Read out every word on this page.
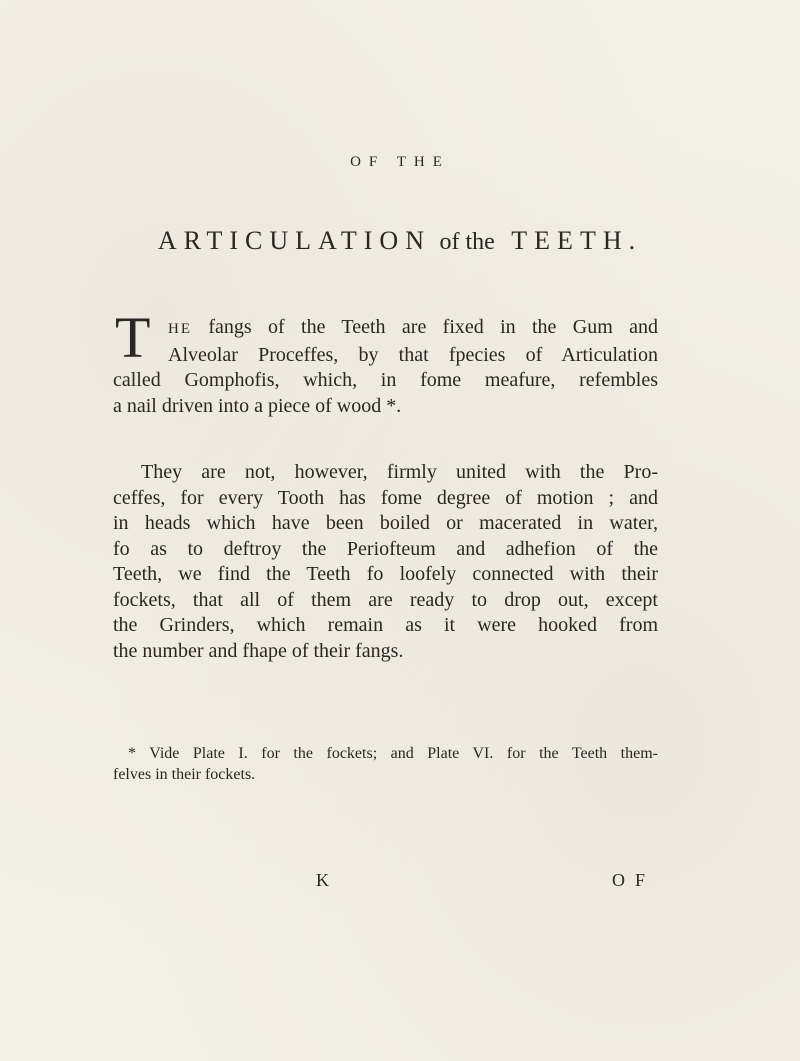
OF THE
ARTICULATION of the TEETH.
T	HE fangs of the Teeth are fixed in the Gum and
Alveolar Proceffes, by that fpecies of Articulation
called Gomphofis, which, in fome meafure, refembles
a nail driven into a piece of wood *.
They are not, however, firmly united with the Pro-
ceffes, for every Tooth has fome degree of motion ; and
in heads which have been boiled or macerated in water,
fo as to deftroy the Periofteum and adhefion of the
Teeth, we find the Teeth fo loofely connected with their
fockets, that all of them are ready to drop out, except
the Grinders, which remain as it were hooked from
the number and fhape of their fangs.
* Vide Plate I. for the fockets; and Plate VI. for the Teeth them-
felves in their fockets.
K	OF
